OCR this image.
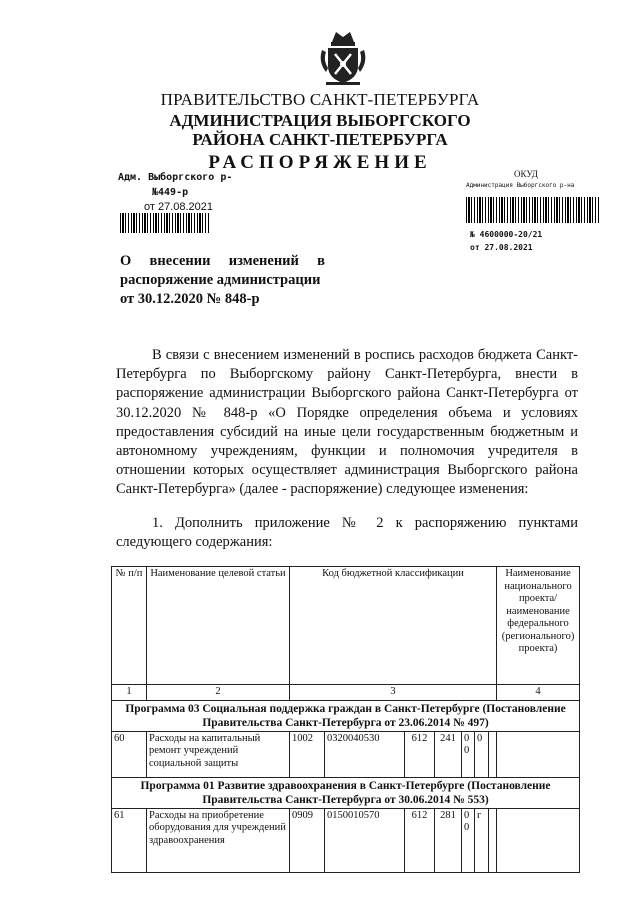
ПРАВИТЕЛЬСТВО САНКТ-ПЕТЕРБУРГА
АДМИНИСТРАЦИЯ ВЫБОРГСКОГО
РАЙОНА САНКТ-ПЕТЕРБУРГА
РАСПОРЯЖЕНИЕ
Адм. Выборгского р-
№449-р
от 27.08.2021
ОКУД
Администрация Выборгского р-на
№ 4600000-20/21
от 27.08.2021
О внесении изменений в
распоряжение администрации
от 30.12.2020 № 848-р

В связи с внесением изменений в роспись расходов бюджета Санкт-Петербурга по Выборгскому району Санкт-Петербурга, внести в распоряжение администрации Выборгского района Санкт-Петербурга от 30.12.2020 № 848-р «О Порядке определения объема и условиях предоставления субсидий на иные цели государственным бюджетным и автономному учреждениям, функции и полномочия учредителя в отношении которых осуществляет администрация Выборгского района Санкт-Петербурга» (далее - распоряжение) следующее изменения:

1. Дополнить приложение № 2 к распоряжению пунктами следующего содержания:
№ п/п	Наименование целевой статьи	Код бюджетной классификации							Наименование национального проекта/наименование федерального (регионального) проекта)
1	2	3							4
Программа 03 Социальная поддержка граждан в Санкт-Петербурге (Постановление Правительства Санкт-Петербурга от 23.06.2014 № 497)									
60	Расходы на капитальный ремонт учреждений социальной защиты	1002	0320040530	612	241	0 0	0		
Программа 01 Развитие здравоохранения в Санкт-Петербурге (Постановление Правительства Санкт-Петербурга от 30.06.2014 № 553)									
61	Расходы на приобретение оборудования для учреждений здравоохранения	0909	0150010570	612	281	0 0	г		
